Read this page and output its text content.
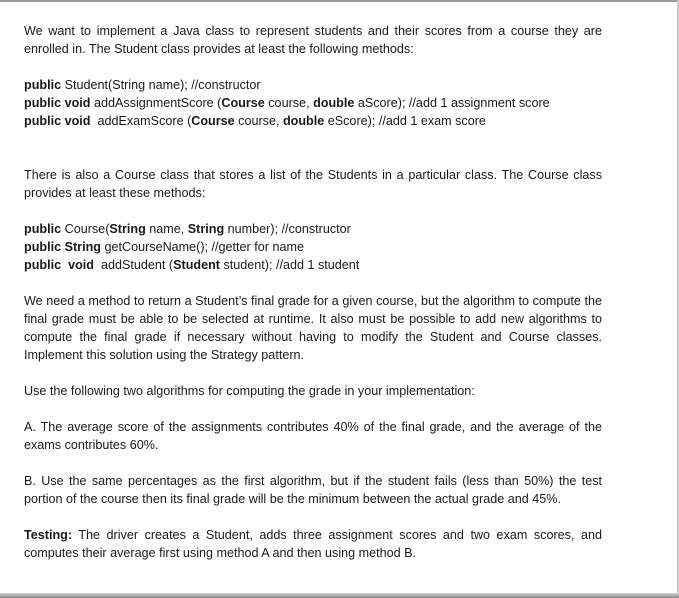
We want to implement a Java class to represent students and their scores from a course they are enrolled in. The Student class provides at least the following methods:

public Student(String name); //constructor

public void addAssignmentScore (Course course, double aScore); //add 1 assignment score

public void  addExamScore (Course course, double eScore); //add 1 exam score

There is also a Course class that stores a list of the Students in a particular class. The Course class provides at least these methods:

public Course(String name, String number); //constructor

public String getCourseName(); //getter for name

public  void  addStudent (Student student); //add 1 student

We need a method to return a Student’s final grade for a given course, but the algorithm to compute the final grade must be able to be selected at runtime. It also must be possible to add new algorithms to compute the final grade if necessary without having to modify the Student and Course classes. Implement this solution using the Strategy pattern.

Use the following two algorithms for computing the grade in your implementation:

A. The average score of the assignments contributes 40% of the final grade, and the average of the exams contributes 60%.

B. Use the same percentages as the first algorithm, but if the student fails (less than 50%) the test portion of the course then its final grade will be the minimum between the actual grade and 45%.

Testing: The driver creates a Student, adds three assignment scores and two exam scores, and computes their average first using method A and then using method B.
